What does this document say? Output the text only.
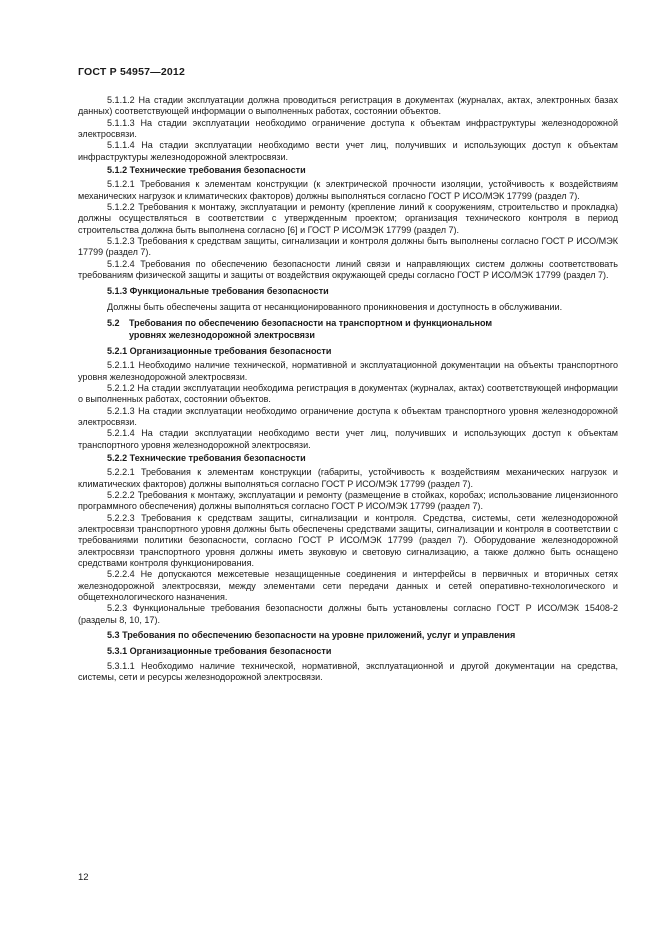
ГОСТ Р 54957—2012

5.1.1.2 На стадии эксплуатации должна проводиться регистрация в документах (журналах, актах, электронных базах данных) соответствующей информации о выполненных работах, состоянии объектов.

5.1.1.3 На стадии эксплуатации необходимо ограничение доступа к объектам инфраструктуры железнодорожной электросвязи.

5.1.1.4 На стадии эксплуатации необходимо вести учет лиц, получивших и использующих доступ к объектам инфраструктуры железнодорожной электросвязи.

5.1.2 Технические требования безопасности

5.1.2.1 Требования к элементам конструкции (к электрической прочности изоляции, устойчивость к воздействиям механических нагрузок и климатических факторов) должны выполняться согласно ГОСТ Р ИСО/МЭК 17799 (раздел 7).

5.1.2.2 Требования к монтажу, эксплуатации и ремонту (крепление линий к сооружениям, строительство и прокладка) должны осуществляться в соответствии с утвержденным проектом; организация технического контроля в период строительства должна быть выполнена согласно [6] и ГОСТ Р ИСО/МЭК 17799 (раздел 7).

5.1.2.3 Требования к средствам защиты, сигнализации и контроля должны быть выполнены согласно ГОСТ Р ИСО/МЭК 17799 (раздел 7).

5.1.2.4 Требования по обеспечению безопасности линий связи и направляющих систем должны соответствовать требованиям физической защиты и защиты от воздействия окружающей среды согласно ГОСТ Р ИСО/МЭК 17799 (раздел 7).

5.1.3 Функциональные требования безопасности

Должны быть обеспечены защита от несанкционированного проникновения и доступность в обслуживании.

5.2 Требования по обеспечению безопасности на транспортном и функциональном
уровнях железнодорожной электросвязи

5.2.1 Организационные требования безопасности

5.2.1.1 Необходимо наличие технической, нормативной и эксплуатационной документации на объекты транспортного уровня железнодорожной электросвязи.

5.2.1.2 На стадии эксплуатации необходима регистрация в документах (журналах, актах) соответствующей информации о выполненных работах, состоянии объектов.

5.2.1.3 На стадии эксплуатации необходимо ограничение доступа к объектам транспортного уровня железнодорожной электросвязи.

5.2.1.4 На стадии эксплуатации необходимо вести учет лиц, получивших и использующих доступ к объектам транспортного уровня железнодорожной электросвязи.

5.2.2 Технические требования безопасности

5.2.2.1 Требования к элементам конструкции (габариты, устойчивость к воздействиям механических нагрузок и климатических факторов) должны выполняться согласно ГОСТ Р ИСО/МЭК 17799 (раздел 7).

5.2.2.2 Требования к монтажу, эксплуатации и ремонту (размещение в стойках, коробах; использование лицензионного программного обеспечения) должны выполняться согласно ГОСТ Р ИСО/МЭК 17799 (раздел 7).

5.2.2.3 Требования к средствам защиты, сигнализации и контроля. Средства, системы, сети железнодорожной электросвязи транспортного уровня должны быть обеспечены средствами защиты, сигнализации и контроля в соответствии с требованиями политики безопасности, согласно ГОСТ Р ИСО/МЭК 17799 (раздел 7). Оборудование железнодорожной электросвязи транспортного уровня должны иметь звуковую и световую сигнализацию, а также должно быть оснащено средствами контроля функционирования.

5.2.2.4 Не допускаются межсетевые незащищенные соединения и интерфейсы в первичных и вторичных сетях железнодорожной электросвязи, между элементами сети передачи данных и сетей оперативно-технологического и общетехнологического назначения.

5.2.3 Функциональные требования безопасности должны быть установлены согласно ГОСТ Р ИСО/МЭК 15408-2 (разделы 8, 10, 17).

5.3 Требования по обеспечению безопасности на уровне приложений, услуг и управления

5.3.1 Организационные требования безопасности

5.3.1.1 Необходимо наличие технической, нормативной, эксплуатационной и другой документации на средства, системы, сети и ресурсы железнодорожной электросвязи.

12
